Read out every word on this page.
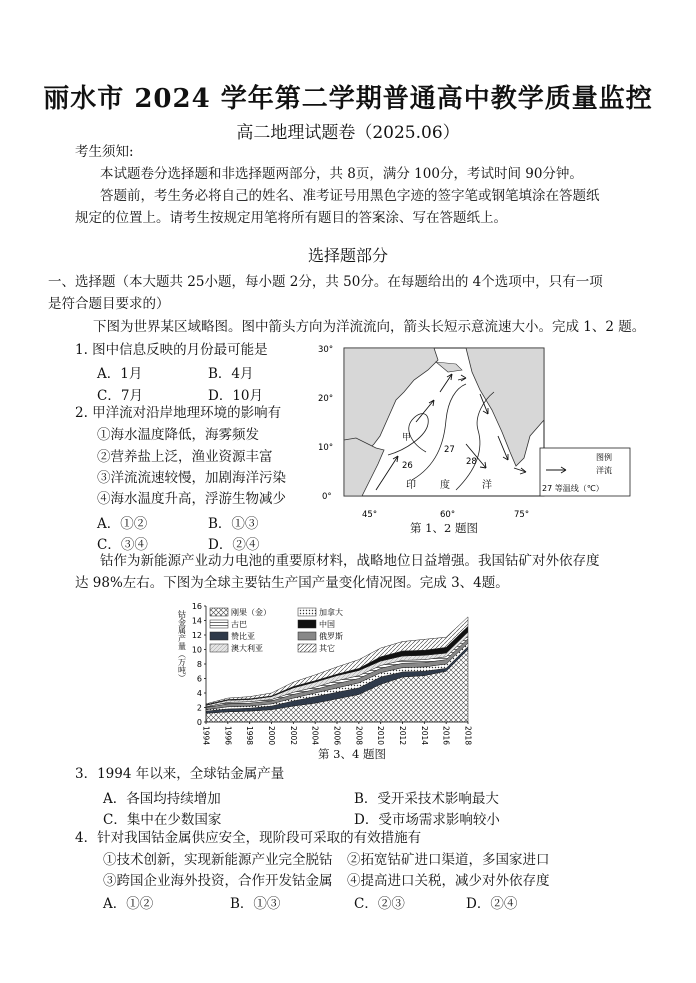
丽水市 2024 学年第二学期普通高中教学质量监控
高二地理试题卷（2025.06）
考生须知:
本试题卷分选择题和非选择题两部分，共 8页，满分 100分，考试时间 90分钟。
答题前，考生务必将自己的姓名、准考证号用黑色字迹的签字笔或钢笔填涂在答题纸
规定的位置上。请考生按规定用笔将所有题目的答案涂、写在答题纸上。
选择题部分
一、选择题（本大题共 25小题，每小题 2分，共 50分。在每题给出的 4个选项中，只有一项
是符合题目要求的）
下图为世界某区域略图。图中箭头方向为洋流流向，箭头长短示意流速大小。完成 1、2 题。
1. 图中信息反映的月份最可能是
A．1月	B．4月
C．7月	D．10月
2. 甲洋流对沿岸地理环境的影响有
①海水温度降低，海雾频发
②营养盐上泛，渔业资源丰富
③洋流流速较慢，加剧海洋污染
④海水温度升高，浮游生物减少
A．①②	B．①③
C．③④	D．②④
30°
20°
10°
0°
45°	60°	75°
印 度	洋
甲
26
27
28	图例
洋流
27 等温线（℃）
第 1、2 题图
钴作为新能源产业动力电池的重要原材料，战略地位日益增强。我国钴矿对外依存度
达 98%左右。下图为全球主要钴生产国产量变化情况图。完成 3、4题。
0
2
4
6
8
10
12
14
16
1994 1996 1998 2000 2002 2004 2006 2008 2010 2012 2014 2016 2018
钴金属产量（万吨）	刚果（金）	加拿大
古巴	中国
赞比亚	俄罗斯
澳大利亚	其它
第 3、4 题图
3．1994 年以来，全球钴金属产量
A．各国均持续增加	B．受开采技术影响最大
C．集中在少数国家	D．受市场需求影响较小
4．针对我国钴金属供应安全，现阶段可采取的有效措施有
①技术创新，实现新能源产业完全脱钴 ②拓宽钴矿进口渠道，多国家进口
③跨国企业海外投资，合作开发钴金属 ④提高进口关税，减少对外依存度
A．①②	B．①③	C．②③	D．②④
